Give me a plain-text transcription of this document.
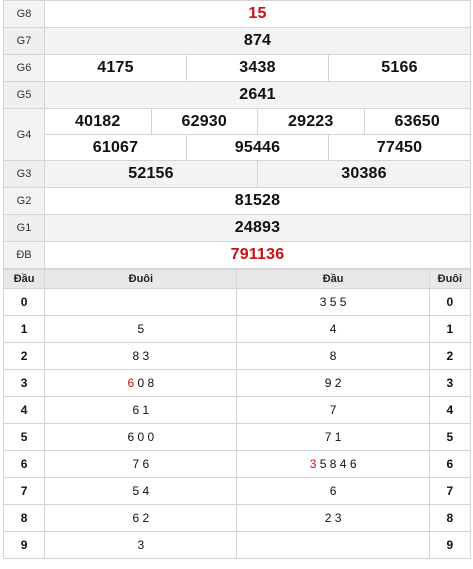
G8	15
G7	874
G6	4175 3438 5166

G5	2641
G4	40182 62930 29223 63650

	61067 95446 77450

G3	52156 30386

G2	81528
G1	24893
ĐB	791136
Đầu	Đuôi	Đầu	Đuôi
0		3 5 5	0
1	5	4	1
2	8 3	8	2
3	6 0 8	9 2	3
4	6 1	7	4
5	6 0 0	7 1	5
6	7 6	3 5 8 4 6	6
7	5 4	6	7
8	6 2	2 3	8
9	3		9
